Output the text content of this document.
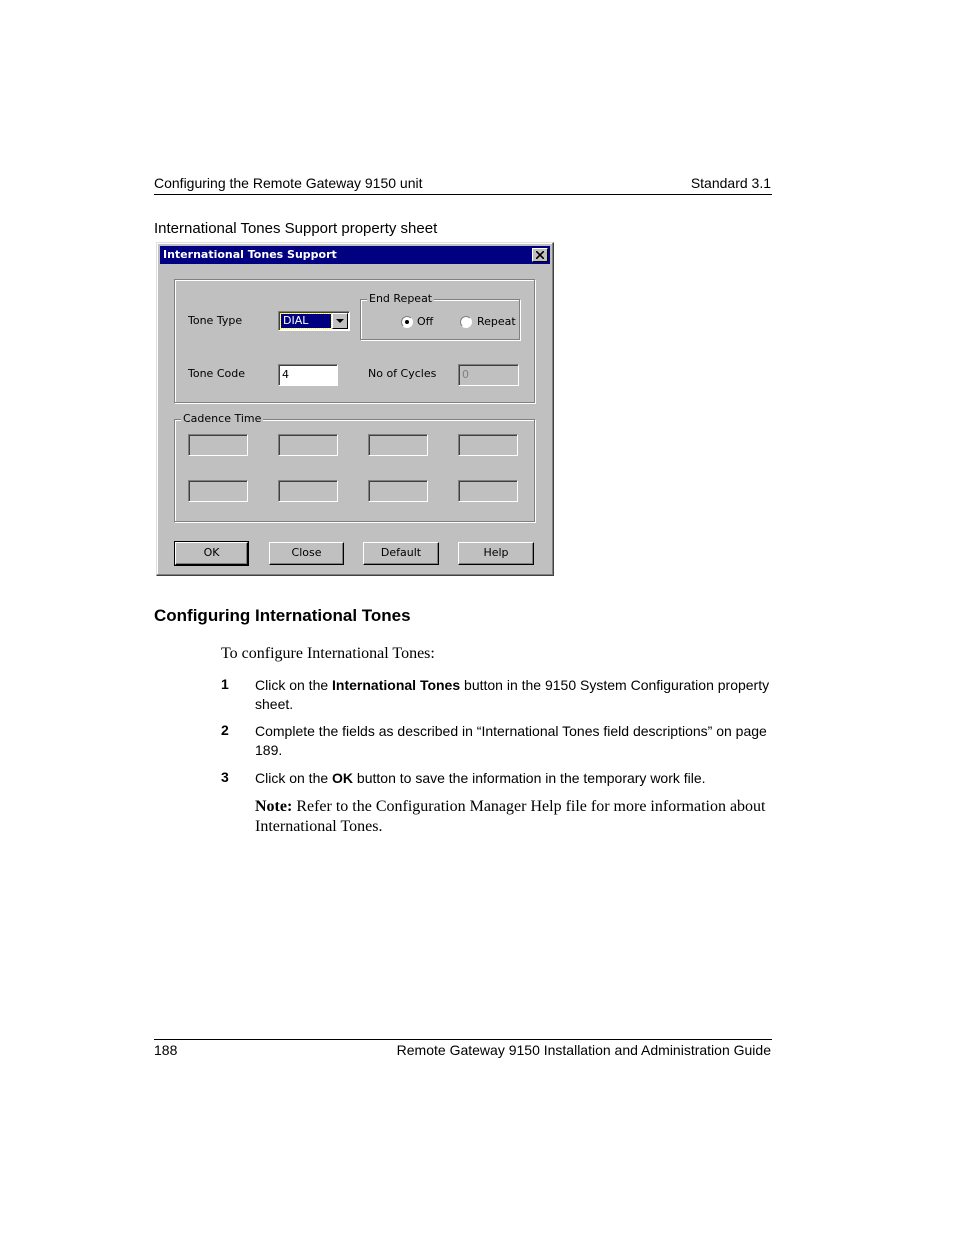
Configuring the Remote Gateway 9150 unit	Standard 3.1
International Tones Support property sheet
International Tones Support
Tone Type	DIAL
End Repeat
Off	Repeat
Tone Code	4	No of Cycles	0
Cadence Time
OK	Close	Default	Help
Configuring International Tones
To configure International Tones:
1 Click on the International Tones button in the 9150 System Configuration property sheet.
2 Complete the fields as described in “International Tones field descriptions” on page 189.
3 Click on the OK button to save the information in the temporary work file.
Note: Refer to the Configuration Manager Help file for more information about International Tones.
188	Remote Gateway 9150 Installation and Administration Guide
